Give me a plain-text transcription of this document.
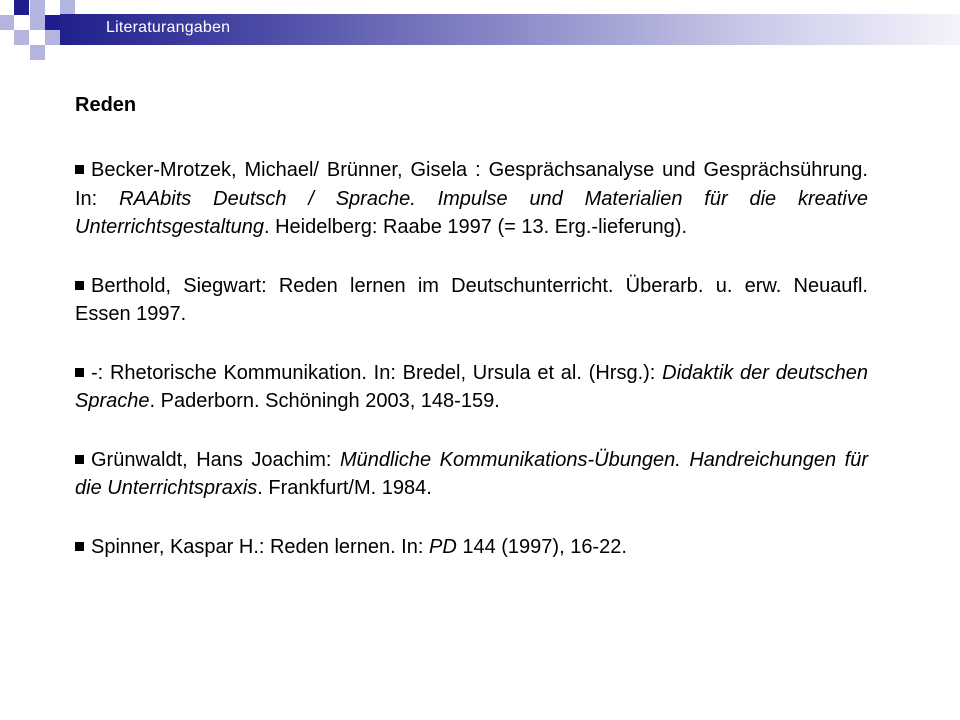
Literaturangaben
Reden

Becker-Mrotzek, Michael/ Brünner, Gisela : Gesprächsanalyse und Gesprächsührung. In: RAAbits Deutsch / Sprache. Impulse und Materialien für die kreative Unterrichtsgestaltung. Heidelberg: Raabe 1997 (= 13. Erg.-lieferung).

Berthold, Siegwart: Reden lernen im Deutschunterricht. Überarb. u. erw. Neuaufl. Essen 1997.

-: Rhetorische Kommunikation. In: Bredel, Ursula et al. (Hrsg.): Didaktik der deutschen Sprache. Paderborn. Schöningh 2003, 148-159.

Grünwaldt, Hans Joachim: Mündliche Kommunikations-Übungen. Handreichungen für die Unterrichtspraxis. Frankfurt/M. 1984.

Spinner, Kaspar H.: Reden lernen. In: PD 144 (1997), 16-22.
